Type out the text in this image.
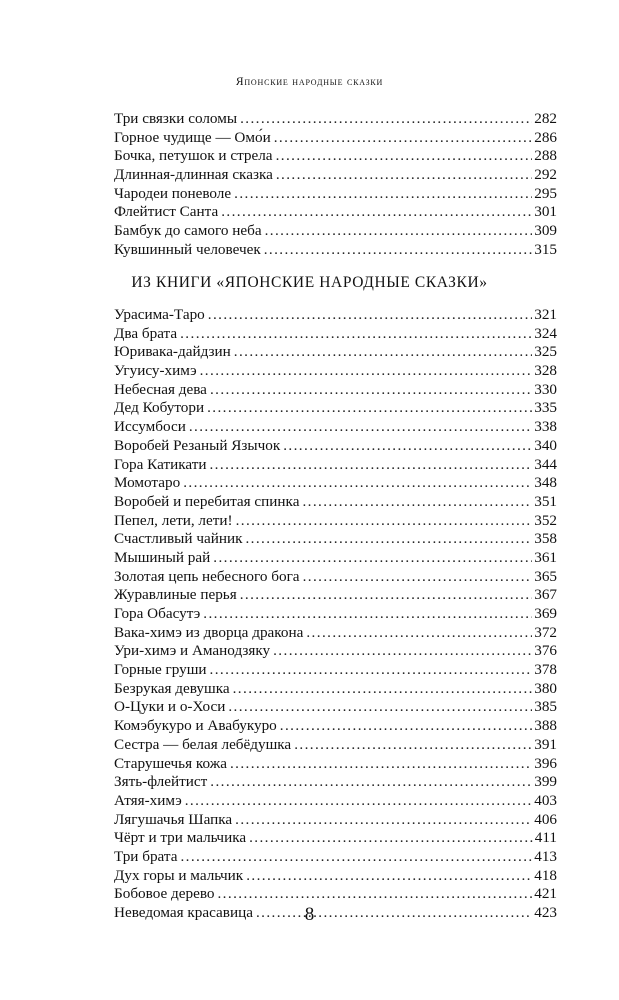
Японские народные сказки
Три связки соломы . . .	282
Горное чудище — Омо́и . . .	286
Бочка, петушок и стрела . . .	288
Длинная-длинная сказка . . .	292
Чародеи поневоле . . .	295
Флейтист Санта . . .	301
Бамбук до самого неба . . .	309
Кувшинный человечек . . .	315
ИЗ КНИГИ «ЯПОНСКИЕ НАРОДНЫЕ СКАЗКИ»
Урасима-Таро . . .	321
Два брата . . .	324
Юривака-дайдзин . . .	325
Угуису-химэ . . .	328
Небесная дева . . .	330
Дед Кобутори . . .	335
Иссумбоси . . .	338
Воробей Резаный Язычок . . .	340
Гора Катикати . . .	344
Момотаро . . .	348
Воробей и перебитая спинка . . .	351
Пепел, лети, лети! . . .	352
Счастливый чайник . . .	358
Мышиный рай . . .	361
Золотая цепь небесного бога . . .	365
Журавлиные перья . . .	367
Гора Обасутэ . . .	369
Вака-химэ из дворца дракона . . .	372
Ури-химэ и Аманодзяку . . .	376
Горные груши . . .	378
Безрукая девушка . . .	380
О-Цуки и о-Хоси . . .	385
Комэбукуро и Авабукуро . . .	388
Сестра — белая лебёдушка . . .	391
Старушечья кожа . . .	396
Зять-флейтист . . .	399
Атяя-химэ . . .	403
Лягушачья Шапка . . .	406
Чёрт и три мальчика . . .	411
Три брата . . .	413
Дух горы и мальчик . . .	418
Бобовое дерево . . .	421
Неведомая красавица . . .	423
8
